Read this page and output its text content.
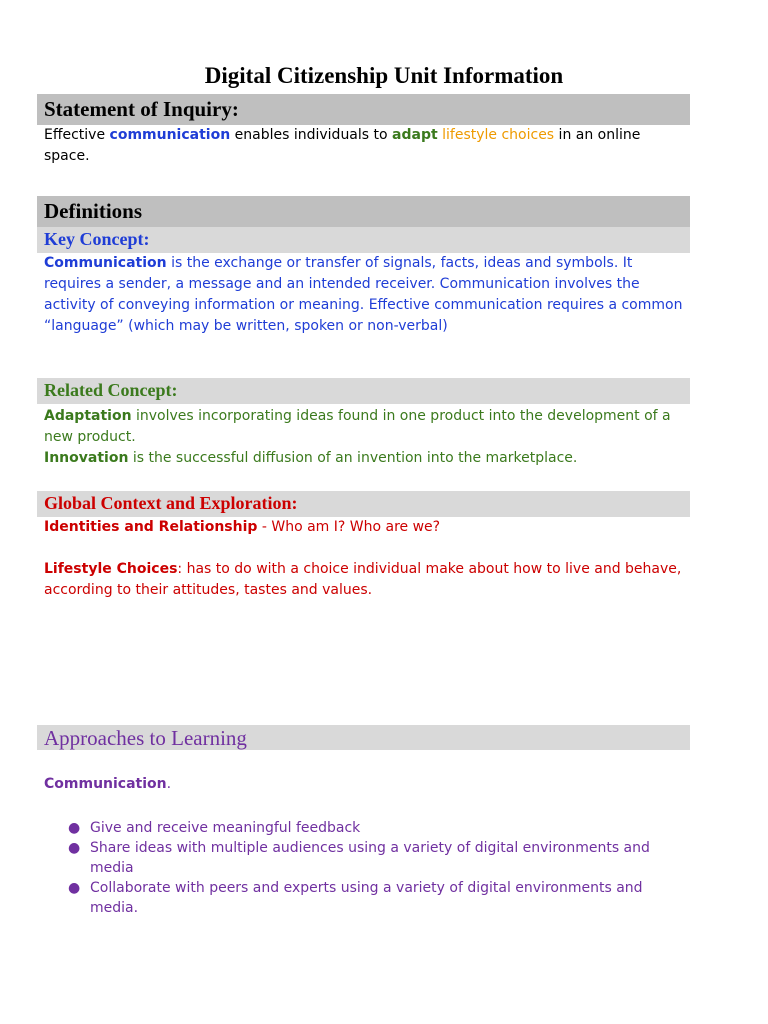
Digital Citizenship Unit Information
Statement of Inquiry:
Effective communication enables individuals to adapt lifestyle choices in an online space.
Definitions
Key Concept:
Communication is the exchange or transfer of signals, facts, ideas and symbols. It requires a sender, a message and an intended receiver. Communication involves the activity of conveying information or meaning. Effective communication requires a common “language” (which may be written, spoken or non-verbal)
Related Concept:
Adaptation involves incorporating ideas found in one product into the development of a new product.
Innovation is the successful diffusion of an invention into the marketplace.
Global Context and Exploration:
Identities and Relationship - Who am I? Who are we?
Lifestyle Choices: has to do with a choice individual make about how to live and behave, according to their attitudes, tastes and values.
Approaches to Learning
Communication.
● Give and receive meaningful feedback
● Share ideas with multiple audiences using a variety of digital environments and media
● Collaborate with peers and experts using a variety of digital environments and media.
